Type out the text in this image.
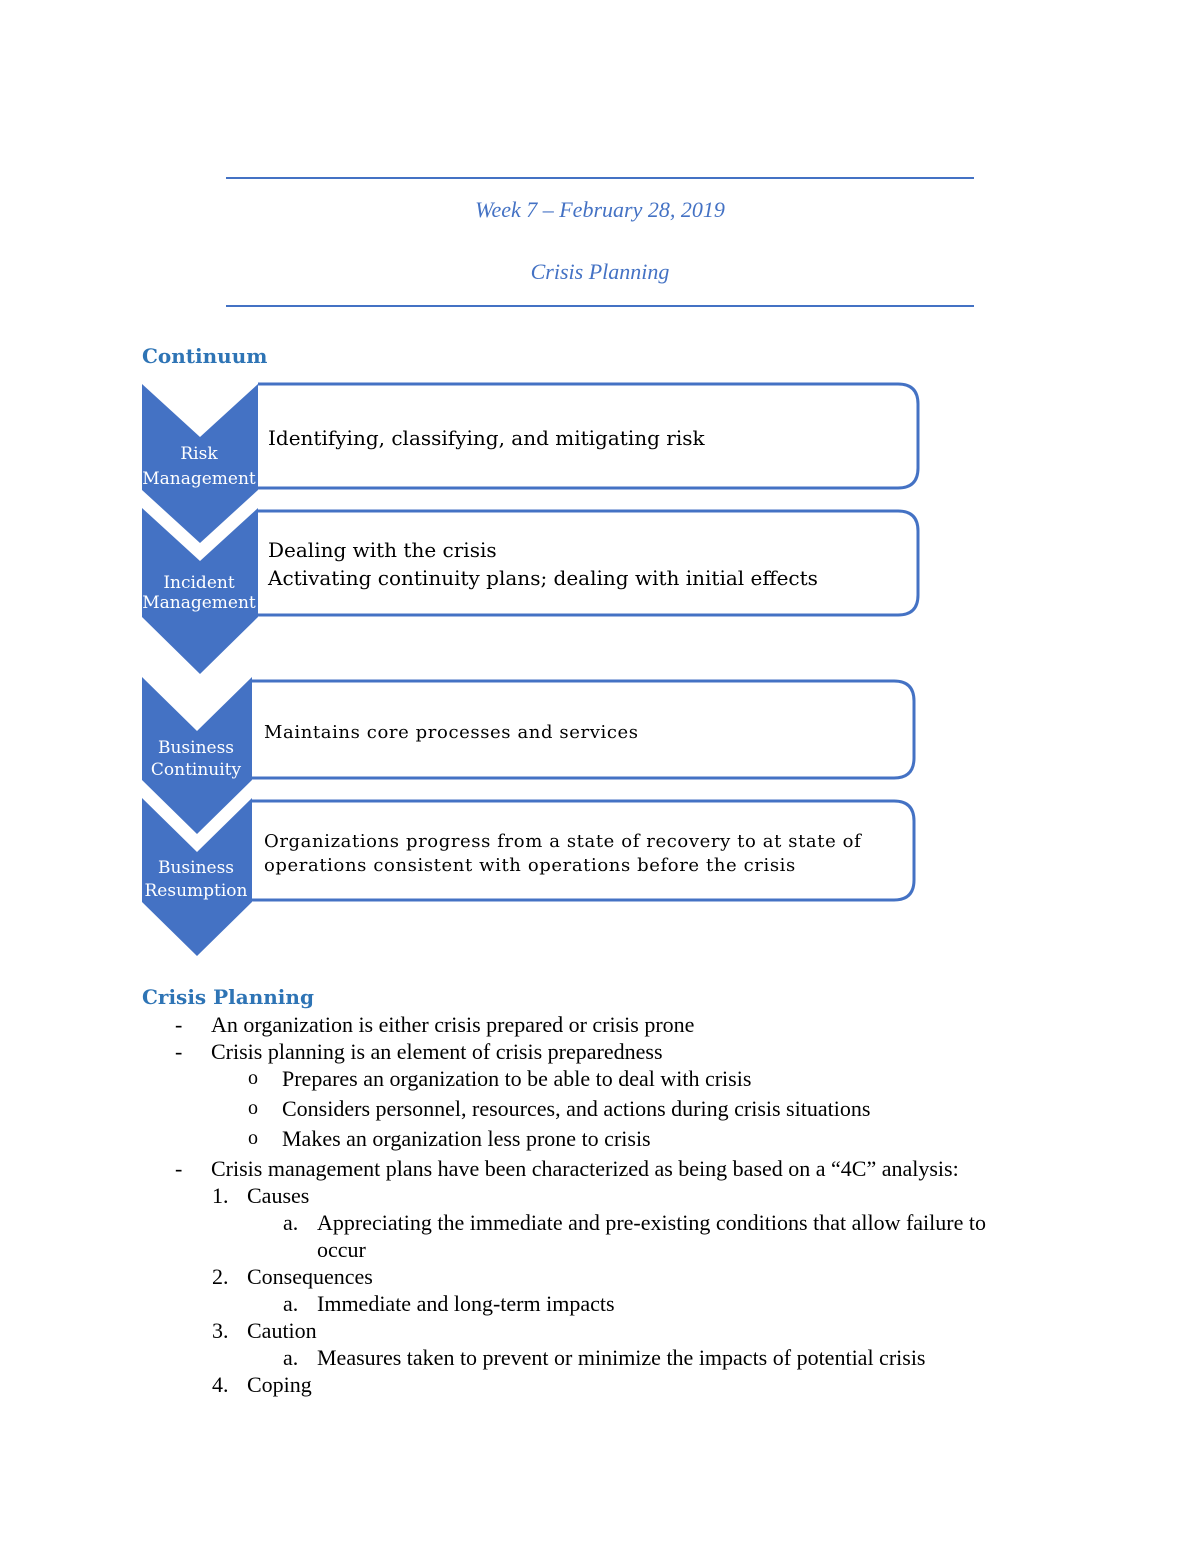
Week 7 – February 28, 2019
Crisis Planning
Continuum
Risk
Management
Identifying, classifying, and mitigating risk
Incident
Management
Dealing with the crisis
Activating continuity plans; dealing with initial effects
Business
Continuity
Maintains core processes and services
Business
Resumption
Organizations progress from a state of recovery to at state of
operations consistent with operations before the crisis
Crisis Planning
- An organization is either crisis prepared or crisis prone
- Crisis planning is an element of crisis preparedness
o Prepares an organization to be able to deal with crisis
o Considers personnel, resources, and actions during crisis situations
o Makes an organization less prone to crisis
- Crisis management plans have been characterized as being based on a “4C” analysis:
1. Causes
a. Appreciating the immediate and pre-existing conditions that allow failure to occur
2. Consequences
a. Immediate and long-term impacts
3. Caution
a. Measures taken to prevent or minimize the impacts of potential crisis
4. Coping
